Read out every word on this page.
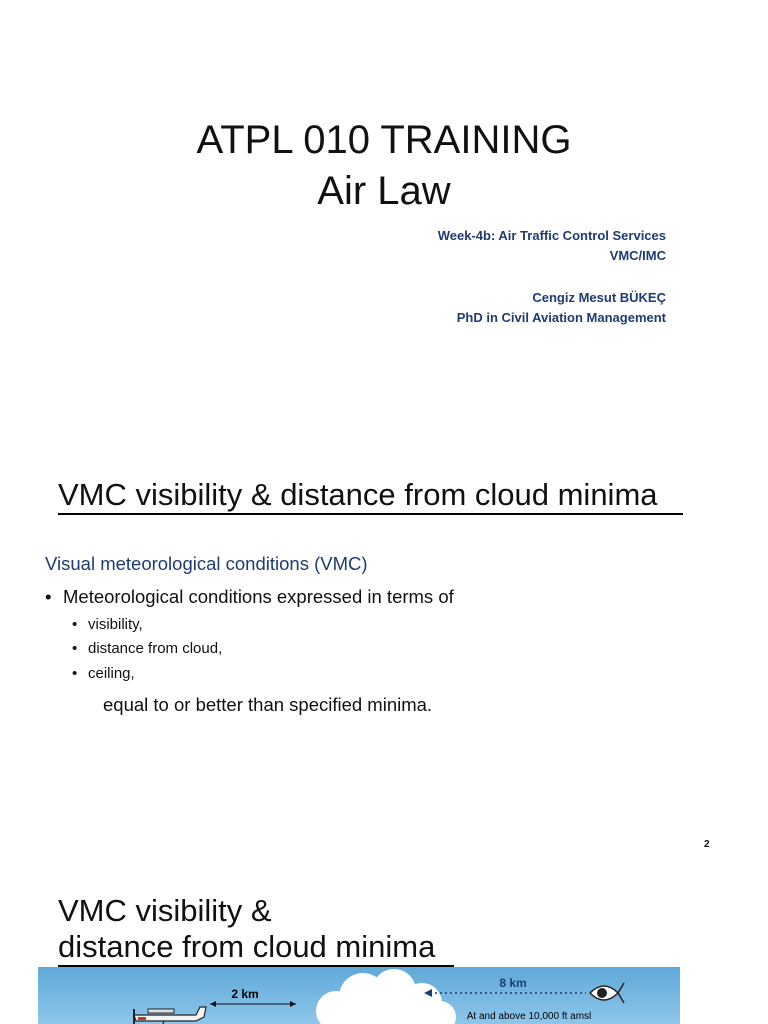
ATPL 010 TRAINING
Air Law
Week-4b: Air Traffic Control Services
VMC/IMC
Cengiz Mesut BÜKEÇ
PhD in Civil Aviation Management
VMC visibility & distance from cloud minima
Visual meteorological conditions (VMC)
• Meteorological conditions expressed in terms of
• visibility,
• distance from cloud,
• ceiling,
equal to or better than specified minima.
2
VMC visibility &
distance from cloud minima
2 km
8 km
At and above 10,000 ft amsl
